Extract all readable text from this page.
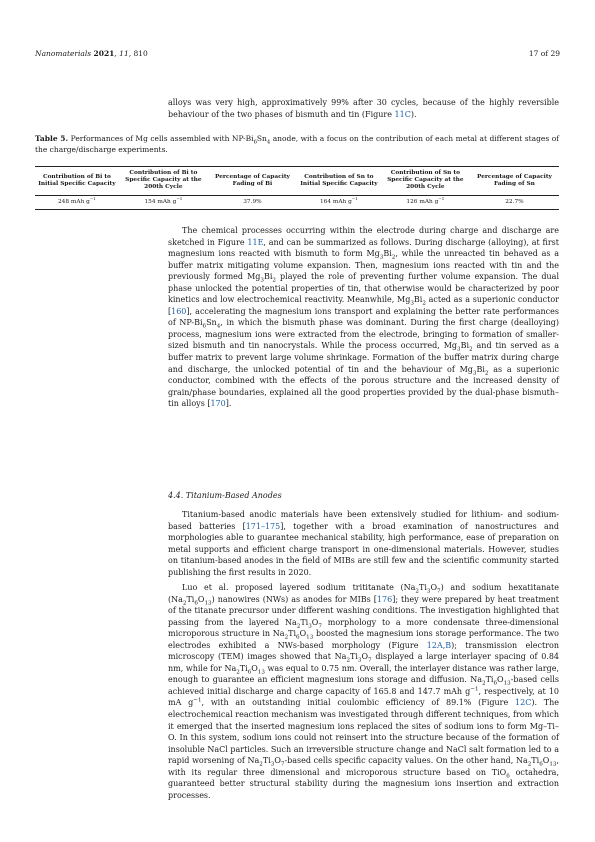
Nanomaterials 2021, 11, 810	17 of 29

alloys was very high, approximatively 99% after 30 cycles, because of the highly reversible behaviour of the two phases of bismuth and tin (Figure 11C).

Table 5. Performances of Mg cells assembled with $NP-Bi_6Sn_4$ anode, with a focus on the contribution of each metal at different stages of the charge/discharge experiments.
Contribution of Bi to Initial Specific Capacity	Contribution of Bi to Specific Capacity at the 200th Cycle	Percentage of Capacity Fading of Bi	Contribution of Sn to Initial Specific Capacity	Contribution of Sn to Specific Capacity at the 200th Cycle	Percentage of Capacity Fading of Sn
248 mAh $g^{-1}$	154 mAh $g^{-1}$	37.9%	164 mAh $g^{-1}$	126 mAh $g^{-1}$	22.7%

The chemical processes occurring within the electrode during charge and discharge are sketched in Figure 11E, and can be summarized as follows. During discharge (alloying), at first magnesium ions reacted with bismuth to form $Mg_3Bi_2$, while the unreacted tin behaved as a buffer matrix mitigating volume expansion. Then, magnesium ions reacted with tin and the previously formed $Mg_3Bi_2$ played the role of preventing further volume expansion. The dual phase unlocked the potential properties of tin, that otherwise would be characterized by poor kinetics and low electrochemical reactivity. Meanwhile, $Mg_3Bi_2$ acted as a superionic conductor [160], accelerating the magnesium ions transport and explaining the better rate performances of $NP-Bi_6Sn_4$, in which the bismuth phase was dominant. During the first charge (dealloying) process, magnesium ions were extracted from the electrode, bringing to formation of smaller-sized bismuth and tin nanocrystals. While the process occurred, $Mg_3Bi_2$ and tin served as a buffer matrix to prevent large volume shrinkage. Formation of the buffer matrix during charge and discharge, the unlocked potential of tin and the behaviour of $Mg_3Bi_2$ as a superionic conductor, combined with the effects of the porous structure and the increased density of grain/phase boundaries, explained all the good properties provided by the dual-phase bismuth–tin alloys [170].

4.4. Titanium-Based Anodes

Titanium-based anodic materials have been extensively studied for lithium- and sodium-based batteries [171–175], together with a broad examination of nanostructures and morphologies able to guarantee mechanical stability, high performance, ease of preparation on metal supports and efficient charge transport in one-dimensional materials. However, studies on titanium-based anodes in the field of MIBs are still few and the scientific community started publishing the first results in 2020.

Luo et al. proposed layered sodium trititanate $(Na_2Ti_3O_7)$ and sodium hexatitanate $(Na_2Ti_6O_{13})$ nanowires (NWs) as anodes for MIBs [176]; they were prepared by heat treatment of the titanate precursor under different washing conditions. The investigation highlighted that passing from the layered $Na_2Ti_3O_7$ morphology to a more condensate three-dimensional microporous structure in $Na_2Ti_6O_{13}$ boosted the magnesium ions storage performance. The two electrodes exhibited a NWs-based morphology (Figure 12A,B); transmission electron microscopy (TEM) images showed that $Na_2Ti_3O_7$ displayed a large interlayer spacing of 0.84 nm, while for $Na_2Ti_6O_{13}$ was equal to 0.75 nm. Overall, the interlayer distance was rather large, enough to guarantee an efficient magnesium ions storage and diffusion. $Na_2Ti_6O_{13}$-based cells achieved initial discharge and charge capacity of 165.8 and 147.7 mAh $g^{-1}$, respectively, at 10 mA $g^{-1}$, with an outstanding initial coulombic efficiency of 89.1% (Figure 12C). The electrochemical reaction mechanism was investigated through different techniques, from which it emerged that the inserted magnesium ions replaced the sites of sodium ions to form Mg–Ti–O. In this system, sodium ions could not reinsert into the structure because of the formation of insoluble NaCl particles. Such an irreversible structure change and NaCl salt formation led to a rapid worsening of $Na_2Ti_3O_7$-based cells specific capacity values. On the other hand, $Na_2Ti_6O_{13}$, with its regular three dimensional and microporous structure based on TiO$_6$ octahedra, guaranteed better structural stability during the magnesium ions insertion and extraction processes.
